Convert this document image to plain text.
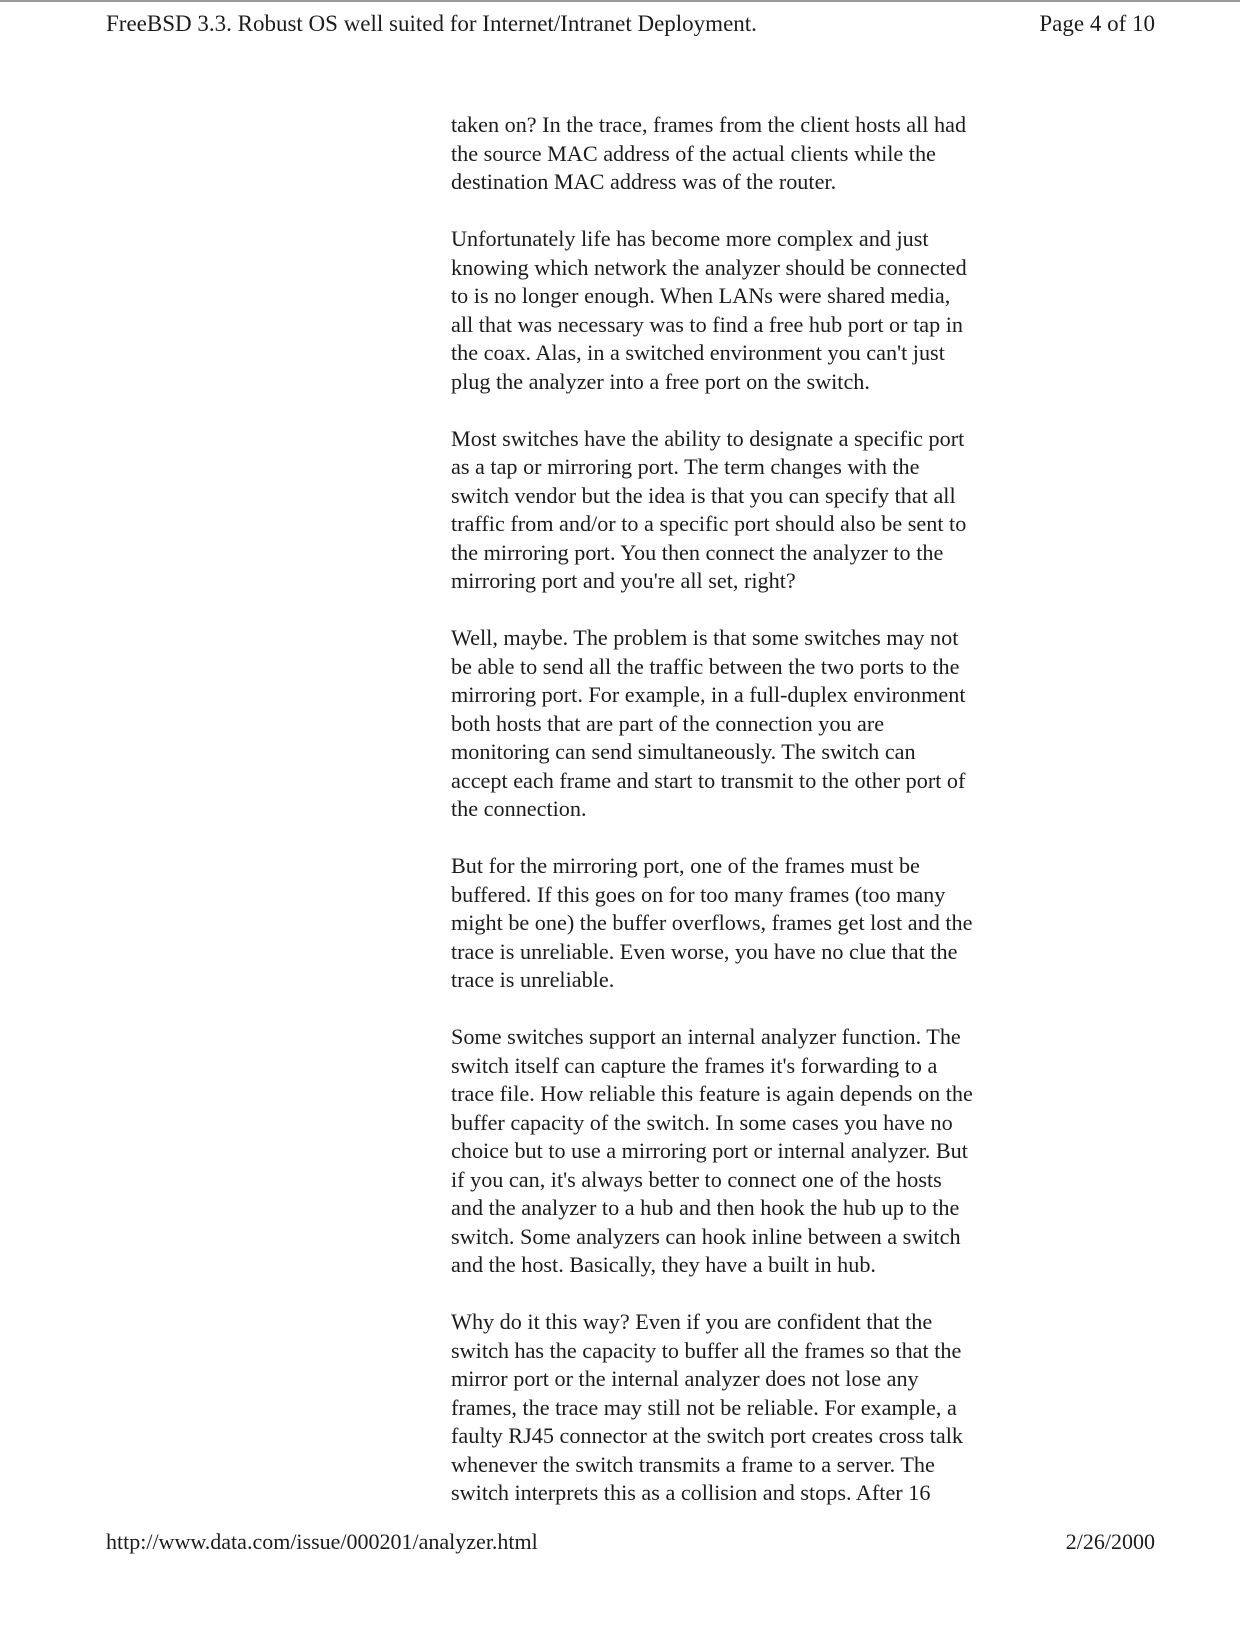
FreeBSD 3.3. Robust OS well suited for Internet/Intranet Deployment.	Page 4 of 10

taken on? In the trace, frames from the client hosts all had
the source MAC address of the actual clients while the
destination MAC address was of the router.

Unfortunately life has become more complex and just
knowing which network the analyzer should be connected
to is no longer enough. When LANs were shared media,
all that was necessary was to find a free hub port or tap in
the coax. Alas, in a switched environment you can't just
plug the analyzer into a free port on the switch.

Most switches have the ability to designate a specific port
as a tap or mirroring port. The term changes with the
switch vendor but the idea is that you can specify that all
traffic from and/or to a specific port should also be sent to
the mirroring port. You then connect the analyzer to the
mirroring port and you're all set, right?

Well, maybe. The problem is that some switches may not
be able to send all the traffic between the two ports to the
mirroring port. For example, in a full-duplex environment
both hosts that are part of the connection you are
monitoring can send simultaneously. The switch can
accept each frame and start to transmit to the other port of
the connection.

But for the mirroring port, one of the frames must be
buffered. If this goes on for too many frames (too many
might be one) the buffer overflows, frames get lost and the
trace is unreliable. Even worse, you have no clue that the
trace is unreliable.

Some switches support an internal analyzer function. The
switch itself can capture the frames it's forwarding to a
trace file. How reliable this feature is again depends on the
buffer capacity of the switch. In some cases you have no
choice but to use a mirroring port or internal analyzer. But
if you can, it's always better to connect one of the hosts
and the analyzer to a hub and then hook the hub up to the
switch. Some analyzers can hook inline between a switch
and the host. Basically, they have a built in hub.

Why do it this way? Even if you are confident that the
switch has the capacity to buffer all the frames so that the
mirror port or the internal analyzer does not lose any
frames, the trace may still not be reliable. For example, a
faulty RJ45 connector at the switch port creates cross talk
whenever the switch transmits a frame to a server. The
switch interprets this as a collision and stops. After 16

http://www.data.com/issue/000201/analyzer.html	2/26/2000
